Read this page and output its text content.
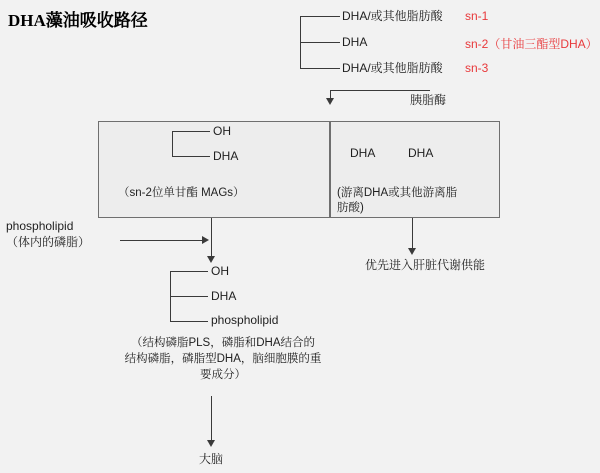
DHA藻油吸收路径	DHA/或其他脂肪酸 sn-1
DHA	sn-2（甘油三酯型DHA）
DHA/或其他脂肪酸 sn-3
胰脂酶
OH
DHA
（sn-2位单甘酯 MAGs）
DHA	DHA
(游离DHA或其他游离脂
肪酸)
优先进入肝脏代谢供能
phospholipid
（体内的磷脂）
OH
DHA
phospholipid
（结构磷脂PLS，磷脂和DHA结合的
结构磷脂，磷脂型DHA，脑细胞膜的重
要成分）
大脑
